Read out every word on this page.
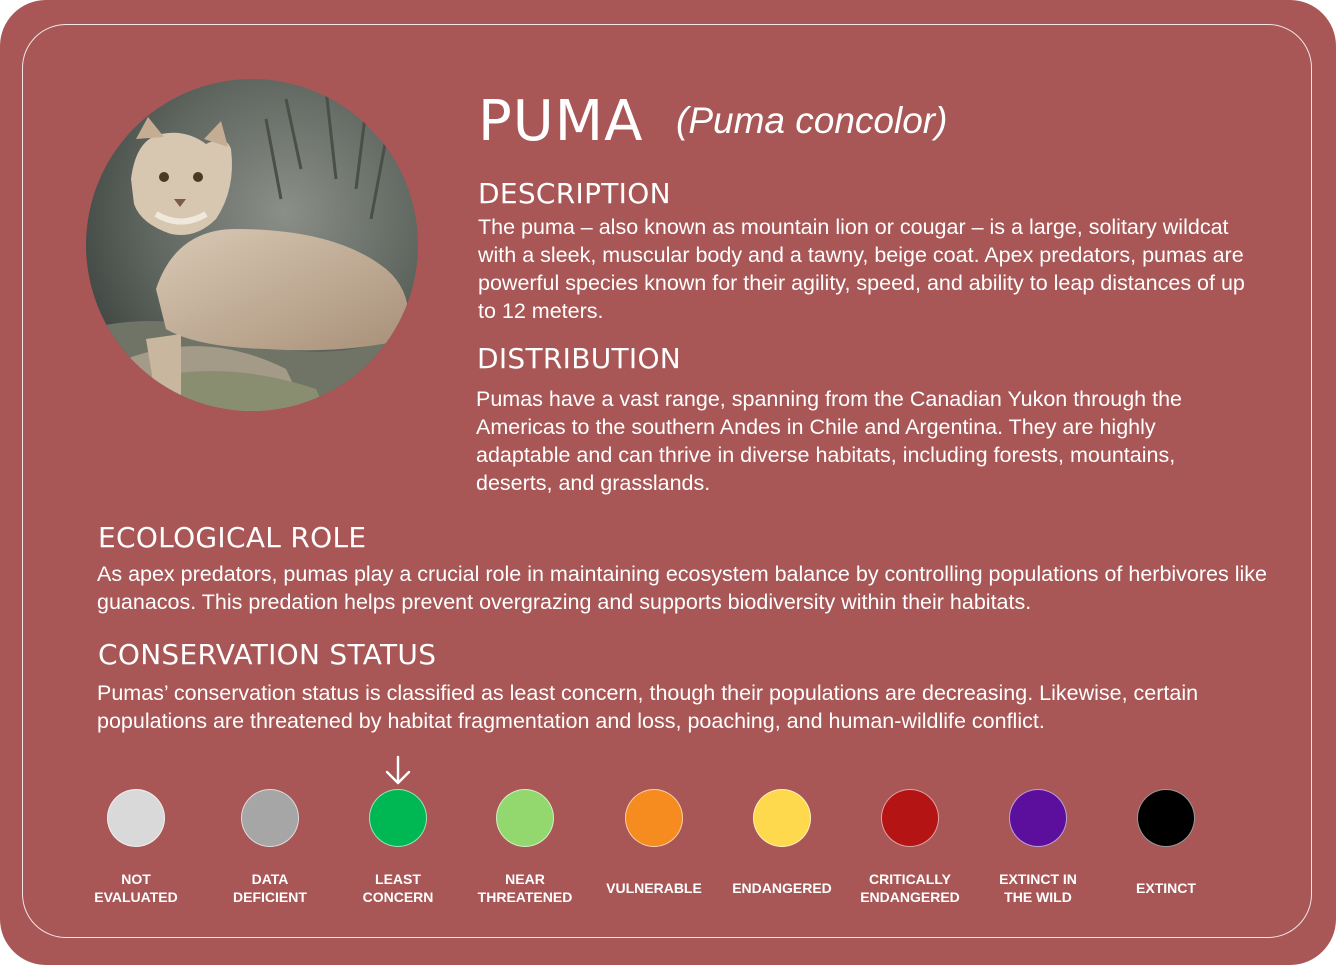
PUMA (Puma concolor)
DESCRIPTION

The puma – also known as mountain lion or cougar – is a large, solitary wildcat with a sleek, muscular body and a tawny, beige coat. Apex predators, pumas are powerful species known for their agility, speed, and ability to leap distances of up to 12 meters.

DISTRIBUTION

Pumas have a vast range, spanning from the Canadian Yukon through the Americas to the southern Andes in Chile and Argentina. They are highly adaptable and can thrive in diverse habitats, including forests, mountains, deserts, and grasslands.

ECOLOGICAL ROLE

As apex predators, pumas play a crucial role in maintaining ecosystem balance by controlling populations of herbivores like guanacos. This predation helps prevent overgrazing and supports biodiversity within their habitats.

CONSERVATION STATUS

Pumas’ conservation status is classified as least concern, though their populations are decreasing. Likewise, certain populations are threatened by habitat fragmentation and loss, poaching, and human-wildlife conflict.

NOT
EVALUATED
DATA
DEFICIENT
LEAST
CONCERN
NEAR
THREATENED
VULNERABLE	ENDANGERED
CRITICALLY
ENDANGERED
EXTINCT IN
THE WILD
EXTINCT
